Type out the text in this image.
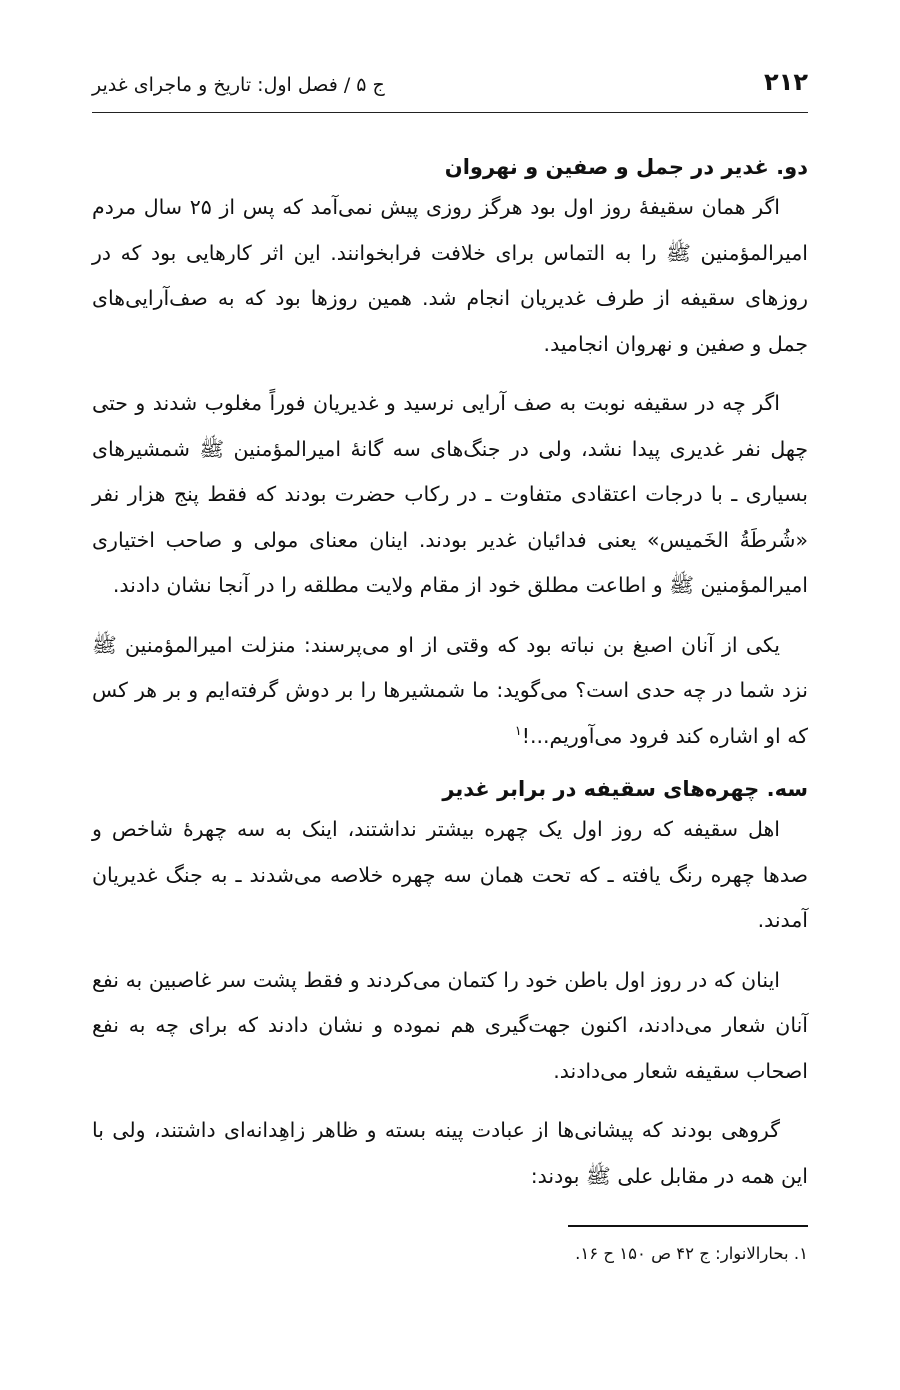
۲۱۲
ج ۵ / فصل اول: تاریخ و ماجرای غدیر
دو. غدیر در جمل و صفین و نهروان

اگر همان سقیفهٔ روز اول بود هرگز روزی پیش نمی‌آمد که پس از ۲۵ سال مردم امیرالمؤمنین ﷺ را به التماس برای خلافت فرابخوانند. این اثر کارهایی بود که در روزهای سقیفه از طرف غدیریان انجام شد. همین روزها بود که به صف‌آرایی‌های جمل و صفین و نهروان انجامید.

اگر چه در سقیفه نوبت به صف آرایی نرسید و غدیریان فوراً مغلوب شدند و حتی چهل نفر غدیری پیدا نشد، ولی در جنگ‌های سه گانهٔ امیرالمؤمنین ﷺ شمشیرهای بسیاری ـ با درجات اعتقادی متفاوت ـ در رکاب حضرت بودند که فقط پنج هزار نفر «شُرطَةُ الخَمیس» یعنی فدائیان غدیر بودند. اینان معنای مولی و صاحب اختیاری امیرالمؤمنین ﷺ و اطاعت مطلق خود از مقام ولایت مطلقه را در آنجا نشان دادند.

یکی از آنان اصبغ بن نباته بود که وقتی از او می‌پرسند: منزلت امیرالمؤمنین ﷺ نزد شما در چه حدی است؟ می‌گوید: ما شمشیرها را بر دوش گرفته‌ایم و بر هر کس که او اشاره کند فرود می‌آوریم...!$^۱$

سه. چهره‌های سقیفه در برابر غدیر

اهل سقیفه که روز اول یک چهره بیشتر نداشتند، اینک به سه چهرهٔ شاخص و صدها چهره رنگ یافته ـ که تحت همان سه چهره خلاصه می‌شدند ـ به جنگ غدیریان آمدند.

اینان که در روز اول باطن خود را کتمان می‌کردند و فقط پشت سر غاصبین به نفع آنان شعار می‌دادند، اکنون جهت‌گیری هم نموده و نشان دادند که برای چه به نفع اصحاب سقیفه شعار می‌دادند.

گروهی بودند که پیشانی‌ها از عبادت پینه بسته و ظاهر زاهِدانه‌ای داشتند، ولی با این همه در مقابل علی ﷺ بودند:

۱. بحارالانوار: ج ۴۲ ص ۱۵۰ ح ۱۶.
